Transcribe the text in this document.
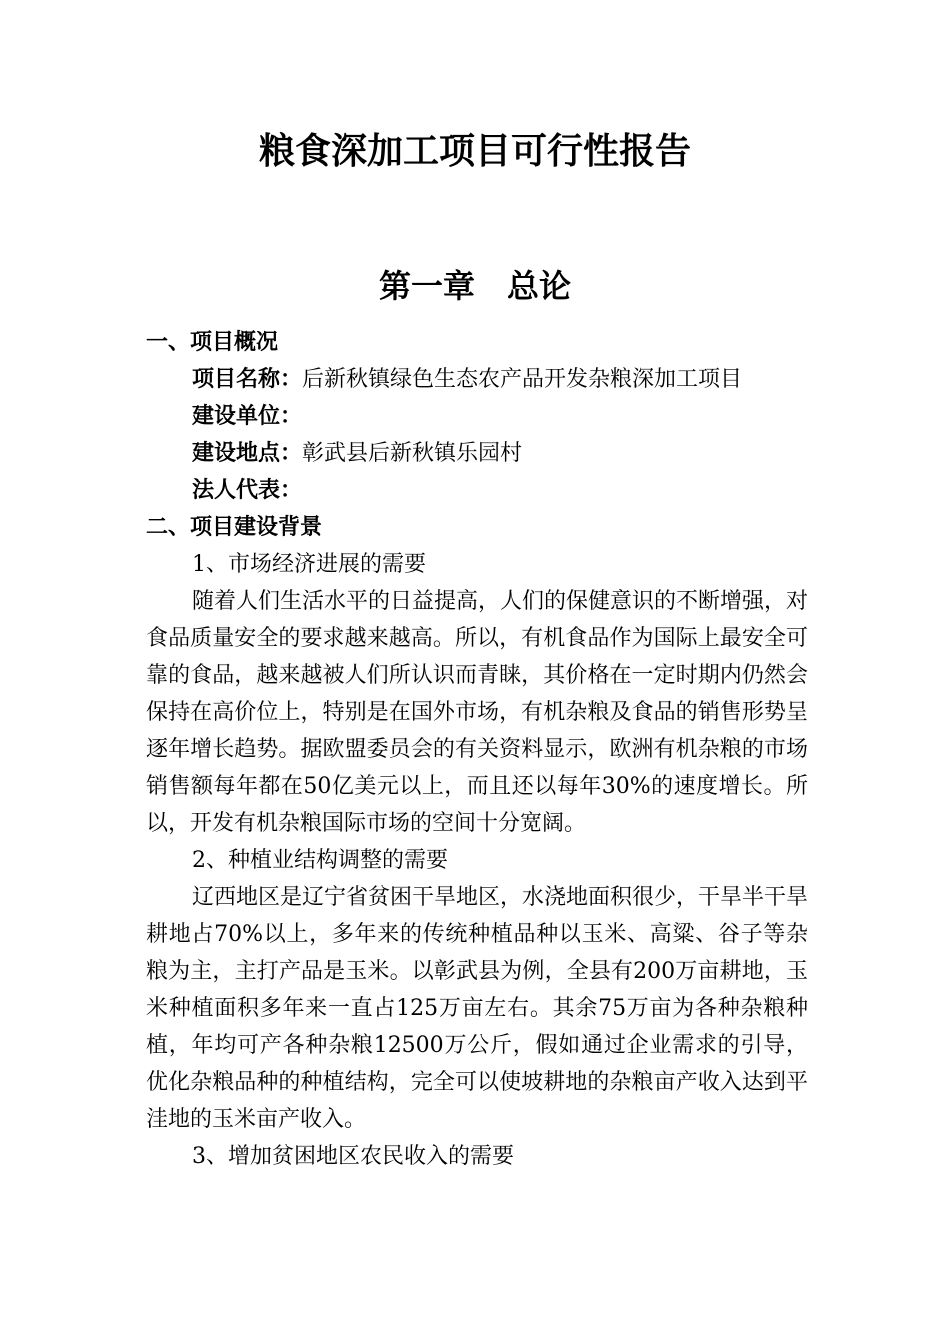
粮食深加工项目可行性报告
第一章　总论

一、项目概况

项目名称：后新秋镇绿色生态农产品开发杂粮深加工项目

建设单位：

建设地点：彰武县后新秋镇乐园村

法人代表：

二、项目建设背景

1、市场经济进展的需要

随着人们生活水平的日益提高，人们的保健意识的不断增强，对食品质量安全的要求越来越高。所以，有机食品作为国际上最安全可靠的食品，越来越被人们所认识而青睐，其价格在一定时期内仍然会保持在高价位上，特别是在国外市场，有机杂粮及食品的销售形势呈逐年增长趋势。据欧盟委员会的有关资料显示，欧洲有机杂粮的市场销售额每年都在50亿美元以上，而且还以每年30%的速度增长。所以，开发有机杂粮国际市场的空间十分宽阔。

2、种植业结构调整的需要

辽西地区是辽宁省贫困干旱地区，水浇地面积很少，干旱半干旱耕地占70%以上，多年来的传统种植品种以玉米、高粱、谷子等杂粮为主，主打产品是玉米。以彰武县为例，全县有200万亩耕地，玉米种植面积多年来一直占125万亩左右。其余75万亩为各种杂粮种植，年均可产各种杂粮12500万公斤，假如通过企业需求的引导，优化杂粮品种的种植结构，完全可以使坡耕地的杂粮亩产收入达到平洼地的玉米亩产收入。

3、增加贫困地区农民收入的需要
